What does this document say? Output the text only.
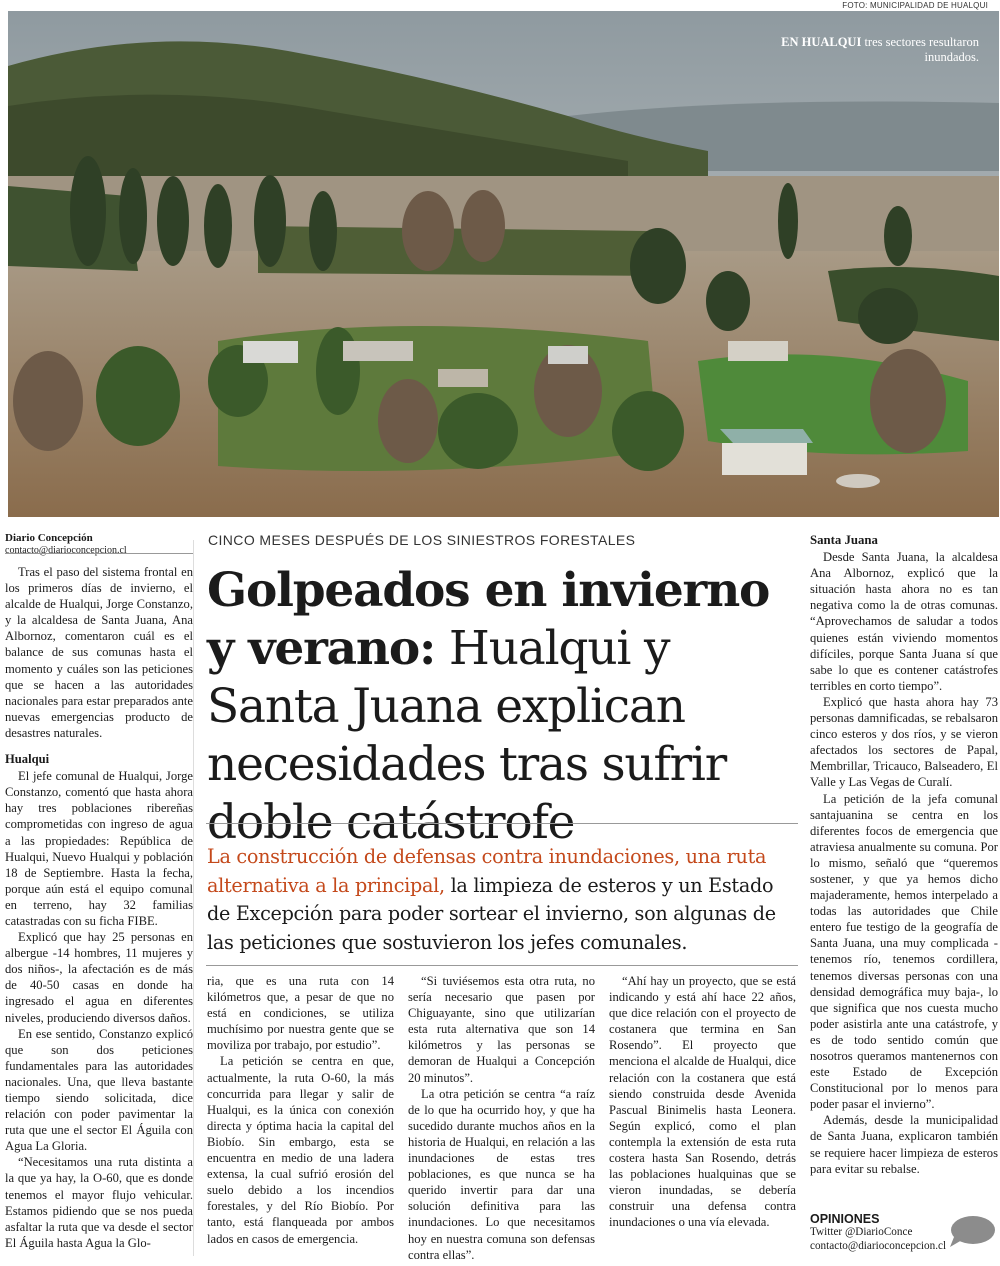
FOTO: MUNICIPALIDAD DE HUALQUI
EN HUALQUI tres sectores resultaron inundados.
Diario Concepción
contacto@diarioconcepcion.cl

Tras el paso del sistema frontal en los primeros días de invierno, el alcalde de Hualqui, Jorge Constanzo, y la alcaldesa de Santa Juana, Ana Albornoz, comentaron cuál es el balance de sus comunas hasta el momento y cuáles son las peticiones que se hacen a las autoridades nacionales para estar preparados ante nuevas emergencias producto de desastres naturales.

Hualqui

El jefe comunal de Hualqui, Jorge Constanzo, comentó que hasta ahora hay tres poblaciones ribereñas comprometidas con ingreso de agua a las propiedades: República de Hualqui, Nuevo Hualqui y población 18 de Septiembre. Hasta la fecha, porque aún está el equipo comunal en terreno, hay 32 familias catastradas con su ficha FIBE.

Explicó que hay 25 personas en albergue -14 hombres, 11 mujeres y dos niños-, la afectación es de más de 40-50 casas en donde ha ingresado el agua en diferentes niveles, produciendo diversos daños.

En ese sentido, Constanzo explicó que son dos peticiones fundamentales para las autoridades nacionales. Una, que lleva bastante tiempo siendo solicitada, dice relación con poder pavimentar la ruta que une el sector El Águila con Agua La Gloria.

“Necesitamos una ruta distinta a la que ya hay, la O-60, que es donde tenemos el mayor flujo vehicular. Estamos pidiendo que se nos pueda asfaltar la ruta que va desde el sector El Águila hasta Agua la Glo-

CINCO MESES DESPUÉS DE LOS SINIESTROS FORESTALES
Golpeados en invierno y verano: Hualqui y Santa Juana explican necesidades tras sufrir doble catástrofe
La construcción de defensas contra inundaciones, una ruta alternativa a la principal, la limpieza de esteros y un Estado de Excepción para poder sortear el invierno, son algunas de las peticiones que sostuvieron los jefes comunales.

ria, que es una ruta con 14 kilómetros que, a pesar de que no está en condiciones, se utiliza muchísimo por nuestra gente que se moviliza por trabajo, por estudio”.

La petición se centra en que, actualmente, la ruta O-60, la más concurrida para llegar y salir de Hualqui, es la única con conexión directa y óptima hacia la capital del Biobío. Sin embargo, esta se encuentra en medio de una ladera extensa, la cual sufrió erosión del suelo debido a los incendios forestales, y del Río Biobío. Por tanto, está flanqueada por ambos lados en casos de emergencia.

“Si tuviésemos esta otra ruta, no sería necesario que pasen por Chiguayante, sino que utilizarían esta ruta alternativa que son 14 kilómetros y las personas se demoran de Hualqui a Concepción 20 minutos”.

La otra petición se centra “a raíz de lo que ha ocurrido hoy, y que ha sucedido durante muchos años en la historia de Hualqui, en relación a las inundaciones de estas tres poblaciones, es que nunca se ha querido invertir para dar una solución definitiva para las inundaciones. Lo que necesitamos hoy en nuestra comuna son defensas contra ellas”.

“Ahí hay un proyecto, que se está indicando y está ahí hace 22 años, que dice relación con el proyecto de costanera que termina en San Rosendo”. El proyecto que menciona el alcalde de Hualqui, dice relación con la costanera que está siendo construida desde Avenida Pascual Binimelis hasta Leonera. Según explicó, como el plan contempla la extensión de esta ruta costera hasta San Rosendo, detrás las poblaciones hualquinas que se vieron inundadas, se debería construir una defensa contra inundaciones o una vía elevada.

Santa Juana

Desde Santa Juana, la alcaldesa Ana Albornoz, explicó que la situación hasta ahora no es tan negativa como la de otras comunas. “Aprovechamos de saludar a todos quienes están viviendo momentos difíciles, porque Santa Juana sí que sabe lo que es contener catástrofes terribles en corto tiempo”.

Explicó que hasta ahora hay 73 personas damnificadas, se rebalsaron cinco esteros y dos ríos, y se vieron afectados los sectores de Papal, Membrillar, Tricauco, Balseadero, El Valle y Las Vegas de Curalí.

La petición de la jefa comunal santajuanina se centra en los diferentes focos de emergencia que atraviesa anualmente su comuna. Por lo mismo, señaló que “queremos sostener, y que ya hemos dicho majaderamente, hemos interpelado a todas las autoridades que Chile entero fue testigo de la geografía de Santa Juana, una muy complicada -tenemos río, tenemos cordillera, tenemos diversas personas con una densidad demográfica muy baja-, lo que significa que nos cuesta mucho poder asistirla ante una catástrofe, y es de todo sentido común que nosotros queramos mantenernos con este Estado de Excepción Constitucional por lo menos para poder pasar el invierno”.

Además, desde la municipalidad de Santa Juana, explicaron también se requiere hacer limpieza de esteros para evitar su rebalse.

OPINIONES
Twitter @DiarioConce
contacto@diarioconcepcion.cl
